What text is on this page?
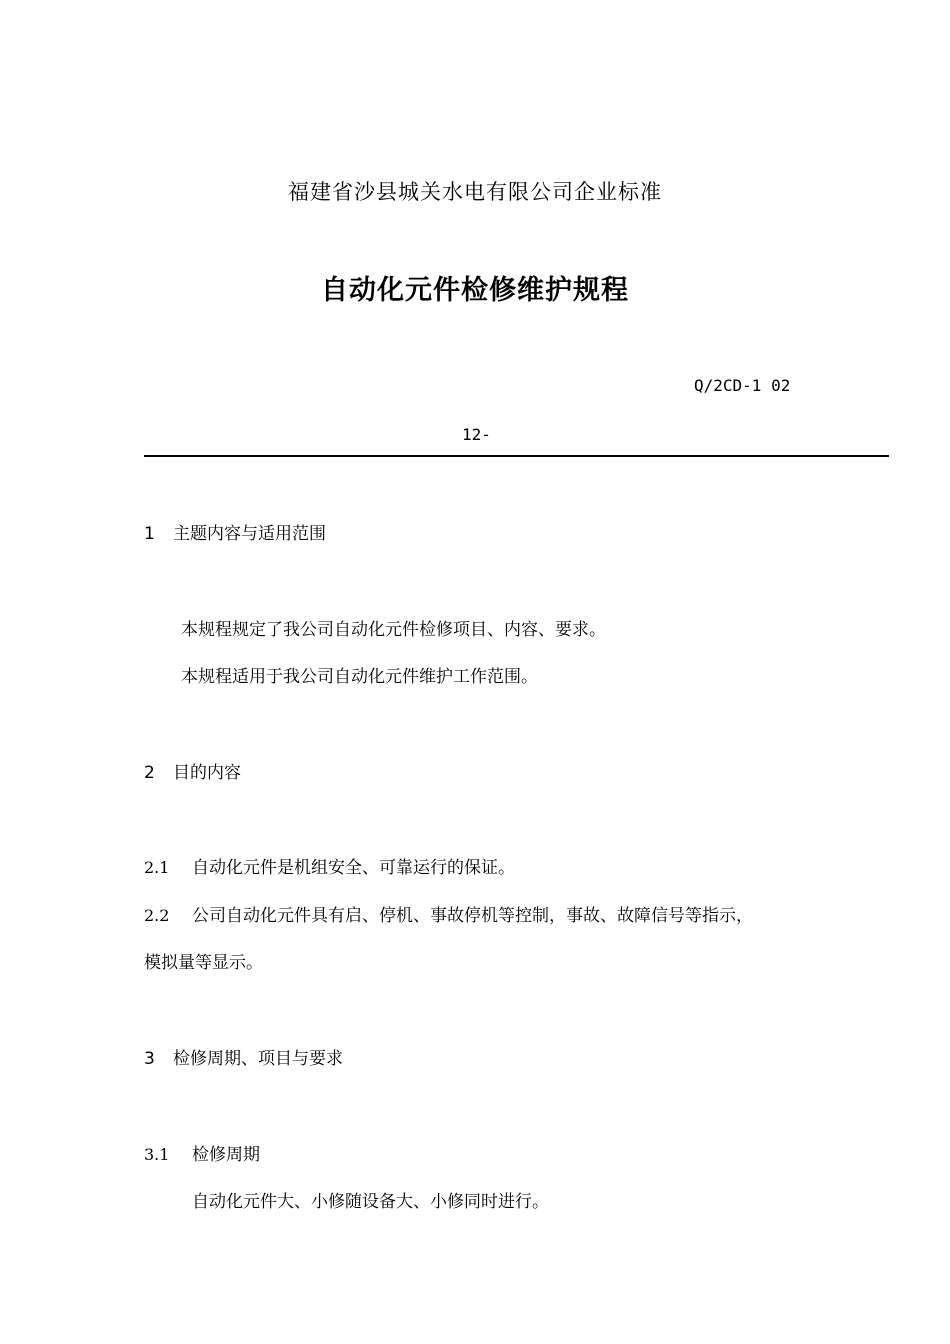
福建省沙县城关水电有限公司企业标准
自动化元件检修维护规程
Q/2CD-1 02
12-
1 主题内容与适用范围
本规程规定了我公司自动化元件检修项目、内容、要求。
本规程适用于我公司自动化元件维护工作范围。
2 目的内容
2.1 自动化元件是机组安全、可靠运行的保证。
2.2 公司自动化元件具有启、停机、事故停机等控制，事故、故障信号等指示，
模拟量等显示。
3 检修周期、项目与要求
3.1 检修周期
自动化元件大、小修随设备大、小修同时进行。
